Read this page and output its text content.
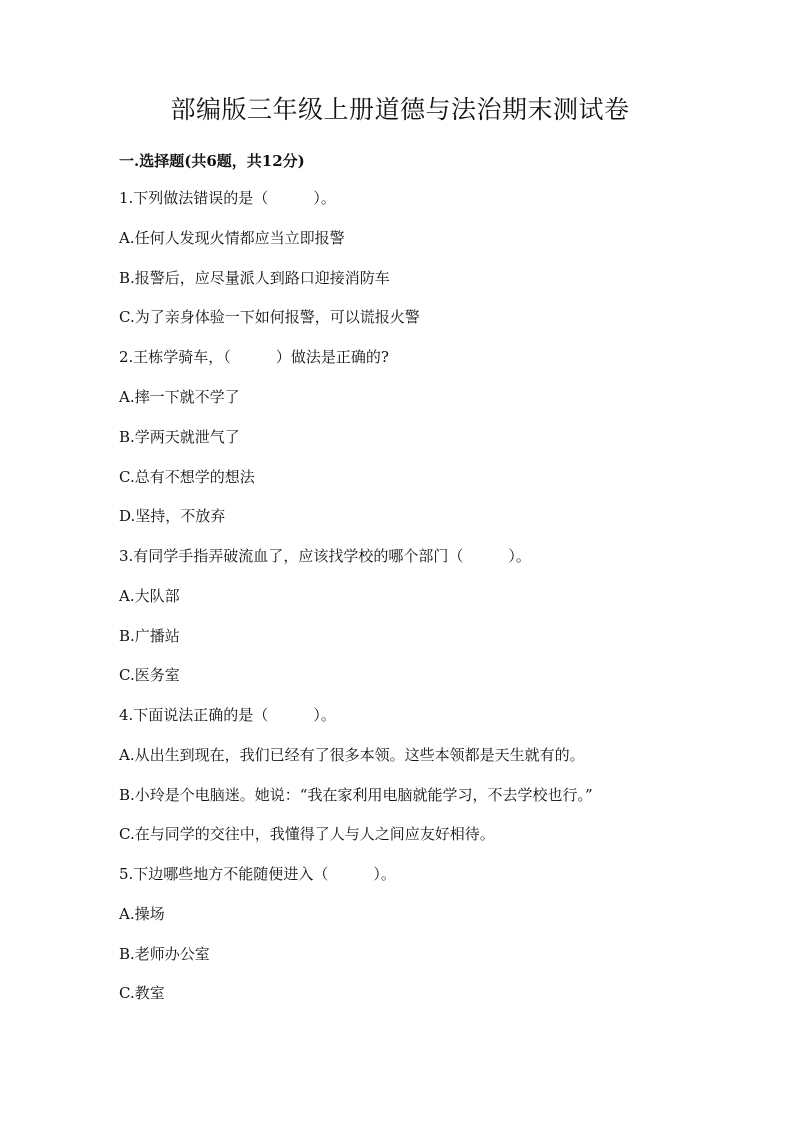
部编版三年级上册道德与法治期末测试卷
一.选择题(共6题，共12分)
1.下列做法错误的是（　　　）。
A.任何人发现火情都应当立即报警
B.报警后，应尽量派人到路口迎接消防车
C.为了亲身体验一下如何报警，可以谎报火警
2.王栋学骑车，（　　　）做法是正确的?
A.摔一下就不学了
B.学两天就泄气了
C.总有不想学的想法
D.坚持，不放弃
3.有同学手指弄破流血了，应该找学校的哪个部门（　　　）。
A.大队部
B.广播站
C.医务室
4.下面说法正确的是（　　　）。
A.从出生到现在，我们已经有了很多本领。这些本领都是天生就有的。
B.小玲是个电脑迷。她说：“我在家利用电脑就能学习，不去学校也行。”
C.在与同学的交往中，我懂得了人与人之间应友好相待。
5.下边哪些地方不能随便进入（　　　）。
A.操场
B.老师办公室
C.教室
